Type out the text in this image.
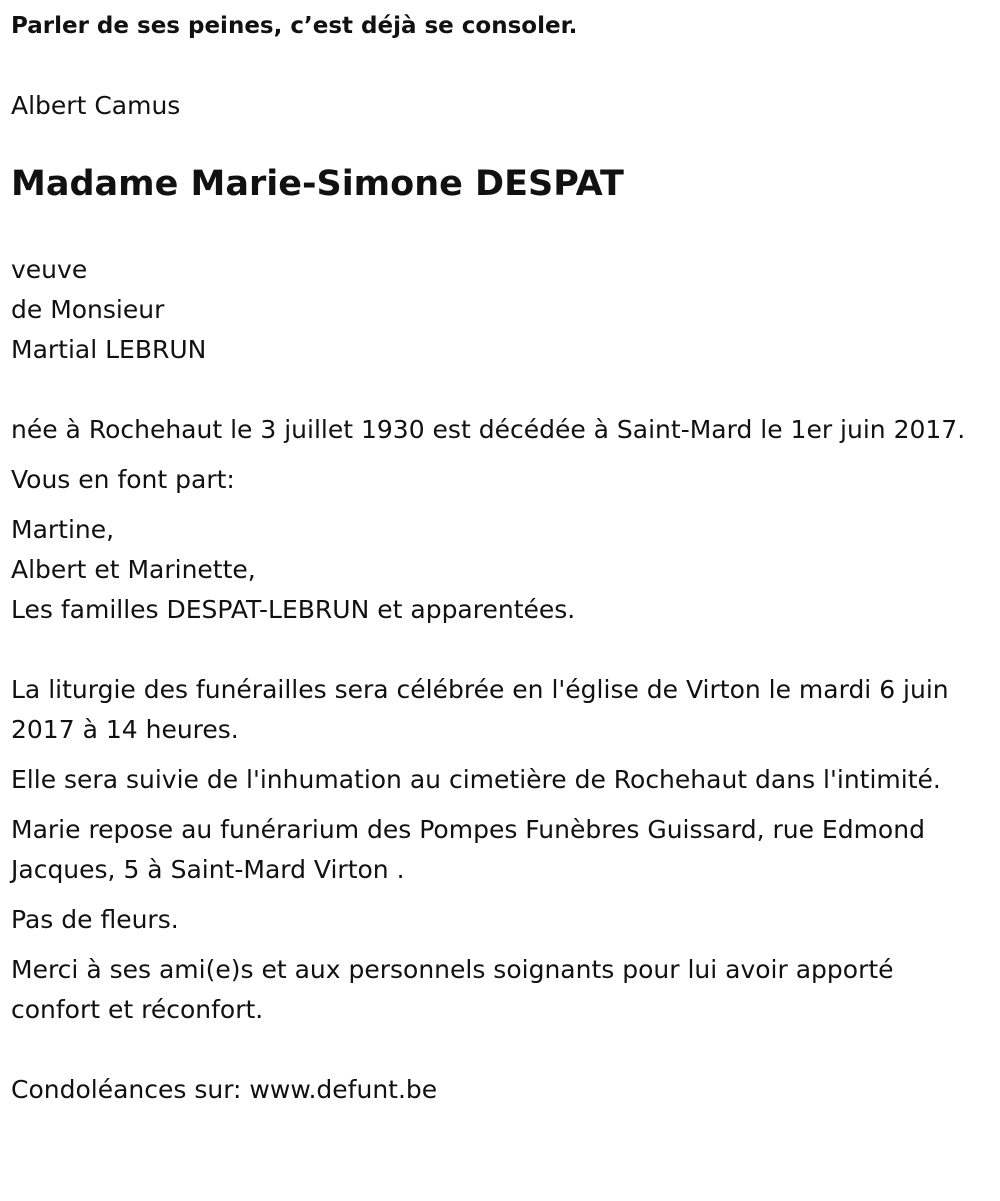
Parler de ses peines, c’est déjà se consoler.

Albert Camus

Madame Marie-Simone DESPAT
veuve
de Monsieur
Martial LEBRUN

née à Rochehaut le 3 juillet 1930 est décédée à Saint-Mard le 1er juin 2017.

Vous en font part:

Martine,
Albert et Marinette,
Les familles DESPAT-LEBRUN et apparentées.

La liturgie des funérailles sera célébrée en l'église de Virton le mardi 6 juin 2017 à 14 heures.

Elle sera suivie de l'inhumation au cimetière de Rochehaut dans l'intimité.

Marie repose au funérarium des Pompes Funèbres Guissard, rue Edmond Jacques, 5 à Saint-Mard Virton .

Pas de fleurs.

Merci à ses ami(e)s et aux personnels soignants pour lui avoir apporté confort et réconfort.

Condoléances sur: www.defunt.be
